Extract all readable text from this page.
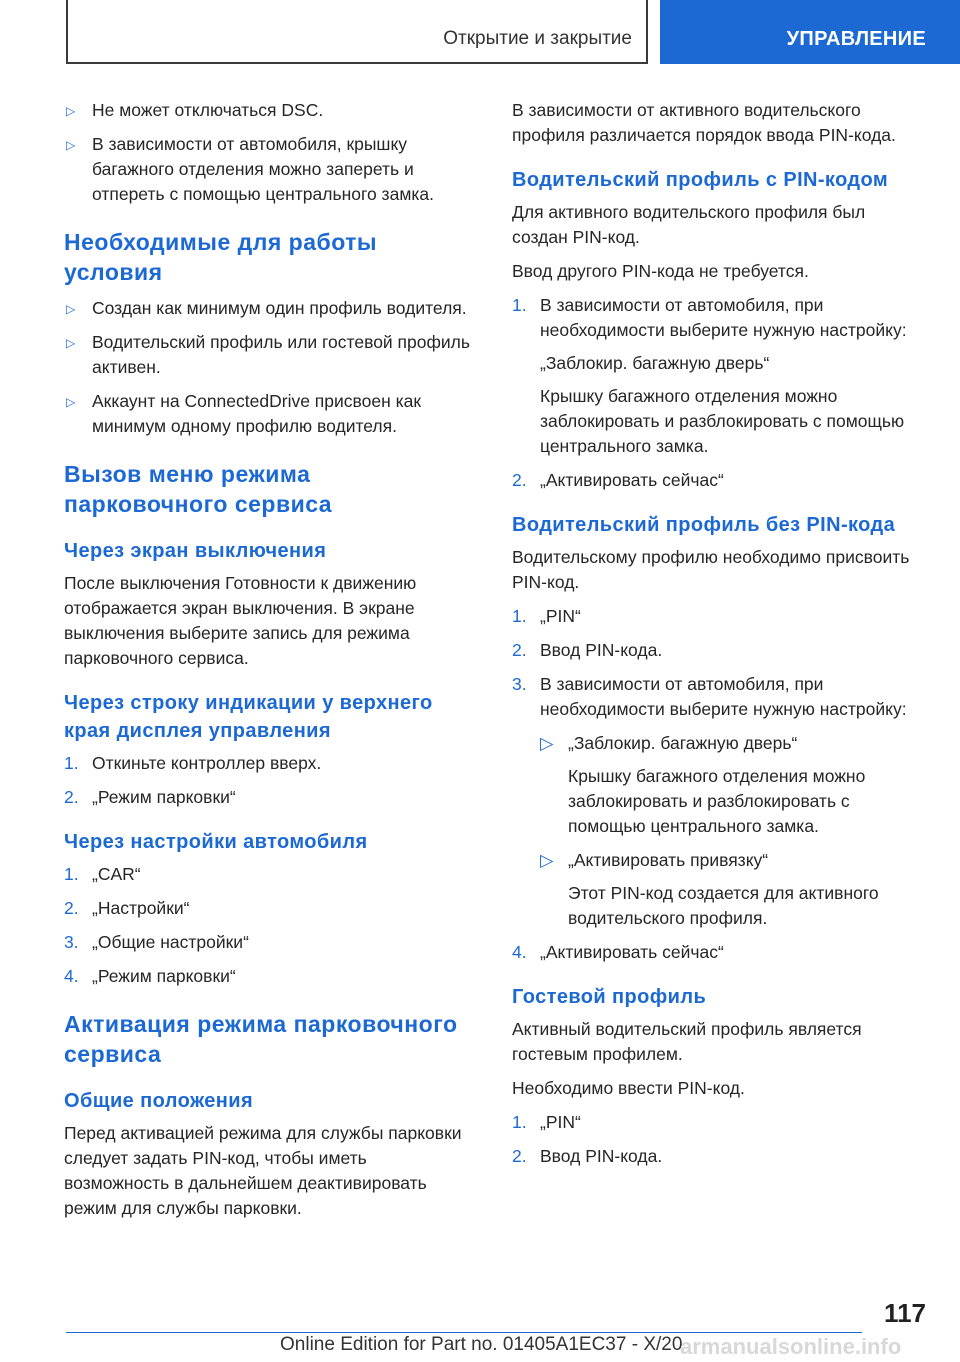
Открытие и закрытие	УПРАВЛЕНИЕ
▷ Не может отключаться DSC.
▷ В зависимости от автомобиля, крышку багажного отделения можно запереть и отпереть с помощью центрального замка.
Необходимые для работы условия
▷ Создан как минимум один профиль водителя.
▷ Водительский профиль или гостевой профиль активен.
▷ Аккаунт на ConnectedDrive присвоен как минимум одному профилю водителя.
Вызов меню режима парковочного сервиса
Через экран выключения

После выключения Готовности к движению отображается экран выключения. В экране выключения выберите запись для режима парковочного сервиса.

Через строку индикации у верхнего края дисплея управления
1. Откиньте контроллер вверх.
2. „Режим парковки“
Через настройки автомобиля
1. „CAR“
2. „Настройки“
3. „Общие настройки“
4. „Режим парковки“
Активация режима парковочного сервиса
Общие положения

Перед активацией режима для службы парковки следует задать PIN-код, чтобы иметь возможность в дальнейшем деактивировать режим для службы парковки.

В зависимости от активного водительского профиля различается порядок ввода PIN-кода.

Водительский профиль с PIN-кодом

Для активного водительского профиля был создан PIN-код.

Ввод другого PIN-кода не требуется.

1. В зависимости от автомобиля, при необходимости выберите нужную настройку:
„Заблокир. багажную дверь“
Крышку багажного отделения можно заблокировать и разблокировать с помощью центрального замка.
2. „Активировать сейчас“
Водительский профиль без PIN-кода

Водительскому профилю необходимо присвоить PIN-код.

1. „PIN“
2. Ввод PIN-кода.
3. В зависимости от автомобиля, при необходимости выберите нужную настройку:
▷ „Заблокир. багажную дверь“
Крышку багажного отделения можно заблокировать и разблокировать с помощью центрального замка.
▷ „Активировать привязку“
Этот PIN-код создается для активного водительского профиля.
4. „Активировать сейчас“
Гостевой профиль

Активный водительский профиль является гостевым профилем.

Необходимо ввести PIN-код.

1. „PIN“
2. Ввод PIN-кода.
117
armanualsonline.info
Online Edition for Part no. 01405A1EC37 - X/20
